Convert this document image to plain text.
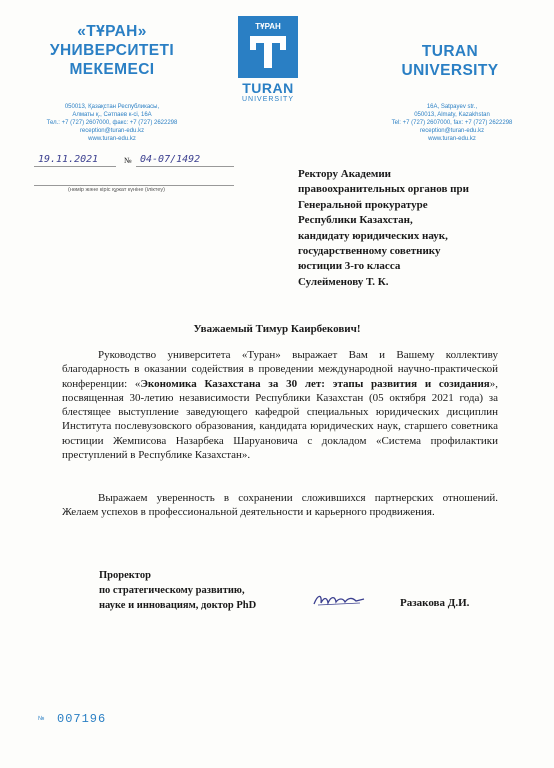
«ТҰРАН»
УНИВЕРСИТЕТІ
МЕКЕМЕСІ
ТҰРАН
TURAN
UNIVERSITY
TURAN
UNIVERSITY
050013, Қазақстан Республикасы,
Алматы қ., Сәтпаев к-сі, 16А
Тел.: +7 (727) 2607000, факс: +7 (727) 2622298
reception@turan-edu.kz
www.turan-edu.kz
16A, Satpayev str.,
050013, Almaty, Kazakhstan
Tel: +7 (727) 2607000, fax: +7 (727) 2622298
reception@turan-edu.kz
www.turan-edu.kz
19.11.2021	№ 04-07/1492
(нөмір және кіріс құжат күніне (іліктеу)
Ректору Академии
правоохранительных органов при
Генеральной прокуратуре
Республики Казахстан,
кандидату юридических наук,
государственному советнику
юстиции 3-го класса
Сулейменову Т. К.
Уважаемый Тимур Каирбекович!
Руководство университета «Туран» выражает Вам и Вашему коллективу благодарность в оказании содействия в проведении международной научно-практической конференции: «Экономика Казахстана за 30 лет: этапы развития и созидания», посвященная 30-летию независимости Республики Казахстан (05 октября 2021 года) за блестящее выступление заведующего кафедрой специальных юридических дисциплин Института послевузовского образования, кандидата юридических наук, старшего советника юстиции Жемписова Назарбека Шаруановича с докладом «Система профилактики преступлений в Республике Казахстан».
Выражаем уверенность в сохранении сложившихся партнерских отношений. Желаем успехов в профессиональной деятельности и карьерного продвижения.
Проректор
по стратегическому развитию,
науке и инновациям, доктор PhD	Разакова Д.И.
№ 007196
